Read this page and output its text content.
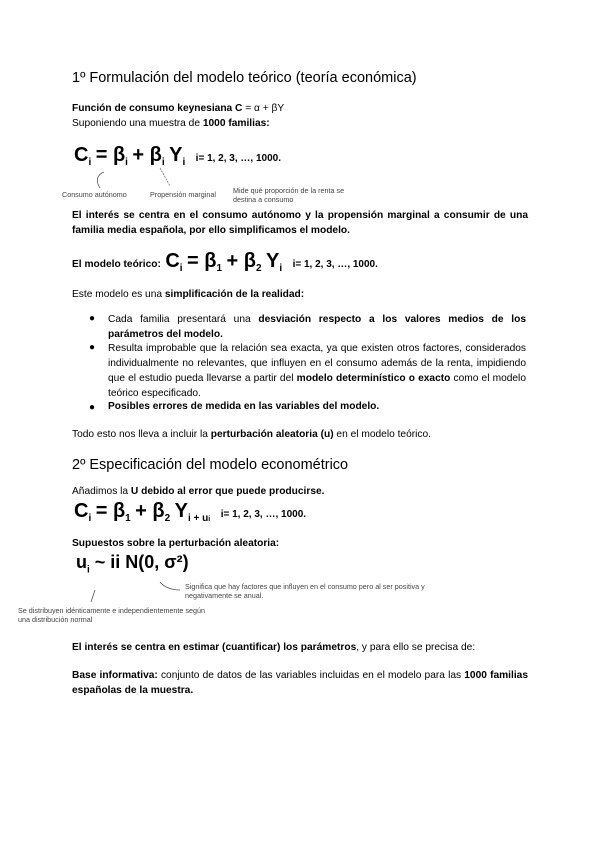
1º Formulación del modelo teórico (teoría económica)
Función de consumo keynesiana C = α + βY
Suponiendo una muestra de 1000 familias:
$C_i = \beta_i + \beta_i$ $Y_i$ i= 1, 2, 3, …, 1000.
Consumo autónomo	Propensión marginal Mide qué proporción de la renta se destina a consumo
El interés se centra en el consumo autónomo y la propensión marginal a consumir de una familia media española, por ello simplificamos el modelo.
El modelo teórico: $C_i = \beta_1 + \beta_2$ $Y_i$ i= 1, 2, 3, …, 1000.
Este modelo es una simplificación de la realidad:
● Cada familia presentará una desviación respecto a los valores medios de los parámetros del modelo.
● Resulta improbable que la relación sea exacta, ya que existen otros factores, considerados individualmente no relevantes, que influyen en el consumo además de la renta, impidiendo que el estudio pueda llevarse a partir del modelo determinístico o exacto como el modelo teórico especificado.
● Posibles errores de medida en las variables del modelo.
Todo esto nos lleva a incluir la perturbación aleatoria (u) en el modelo teórico.
2º Especificación del modelo econométrico
Añadimos la U debido al error que puede producirse.
$C_i = \beta_1 + \beta_2$ $Y_{i + ui}$ i= 1, 2, 3, …, 1000.
Supuestos sobre la perturbación aleatoria:
$u_i$ ~ ii N(0, σ²)
Significa que hay factores que influyen en el consumo pero al ser positiva y negativamente se anual.
Se distribuyen idénticamente e independientemente según una distribución normal
El interés se centra en estimar (cuantificar) los parámetros, y para ello se precisa de:
Base informativa: conjunto de datos de las variables incluidas en el modelo para las 1000 familias españolas de la muestra.
